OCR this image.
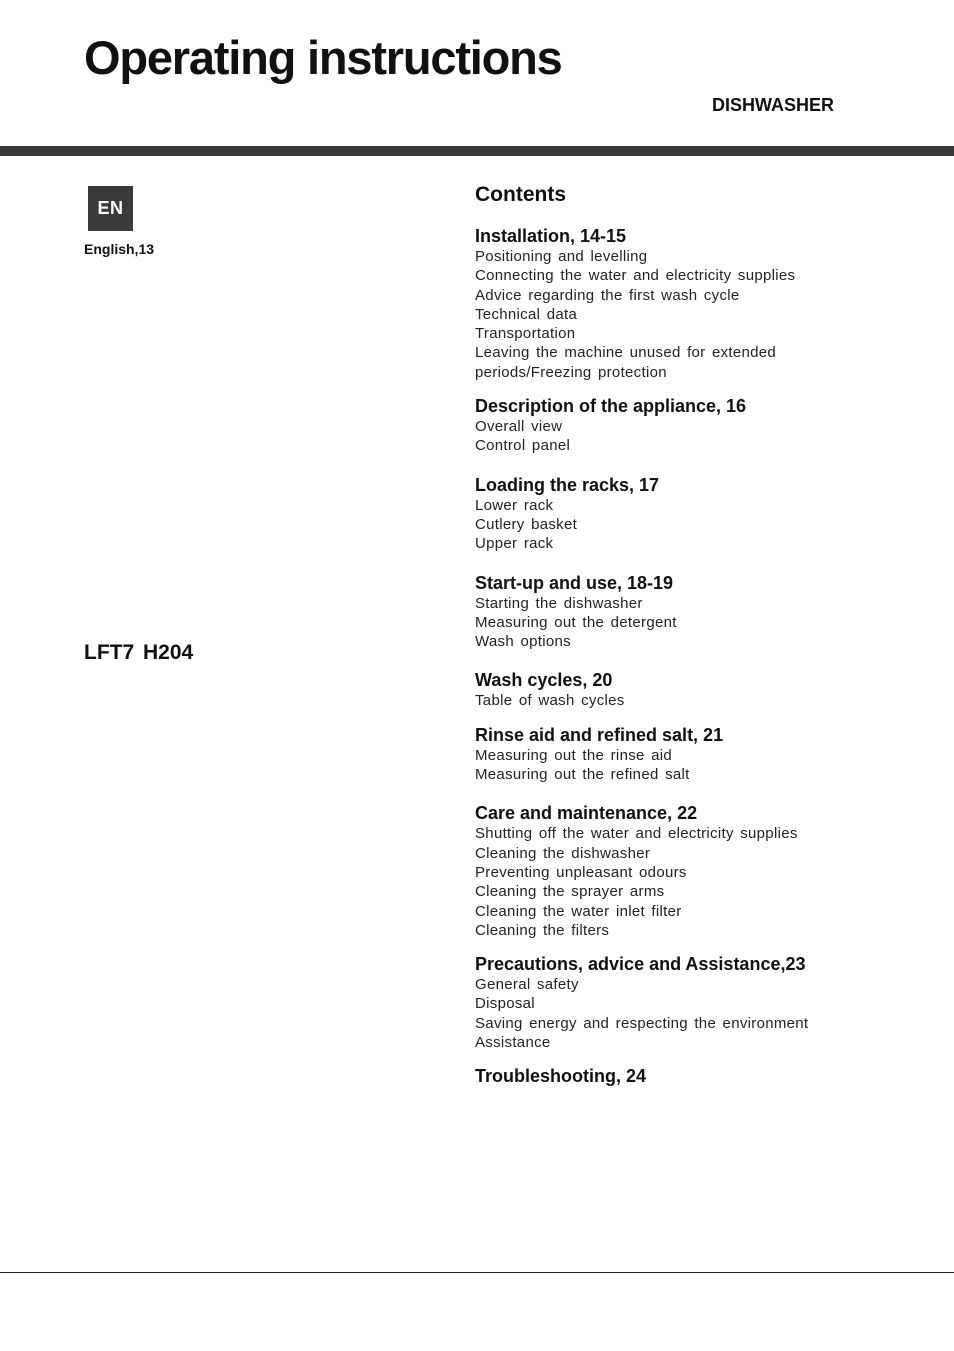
Operating instructions
DISHWASHER
EN
English,13
LFT7 H204
Contents
Installation, 14-15
Positioning and levelling
Connecting the water and electricity supplies
Advice regarding the first wash cycle
Technical data
Transportation
Leaving the machine unused for extended periods/Freezing protection
Description of the appliance, 16
Overall view
Control panel
Loading the racks, 17
Lower rack
Cutlery basket
Upper rack
Start-up and use, 18-19
Starting the dishwasher
Measuring out the detergent
Wash options
Wash cycles, 20
Table of wash cycles
Rinse aid and refined salt, 21
Measuring out the rinse aid
Measuring out the refined salt
Care and maintenance, 22
Shutting off the water and electricity supplies
Cleaning the dishwasher
Preventing unpleasant odours
Cleaning the sprayer arms
Cleaning the water inlet filter
Cleaning the filters
Precautions, advice and Assistance,23
General safety
Disposal
Saving energy and respecting the environment
Assistance
Troubleshooting, 24
